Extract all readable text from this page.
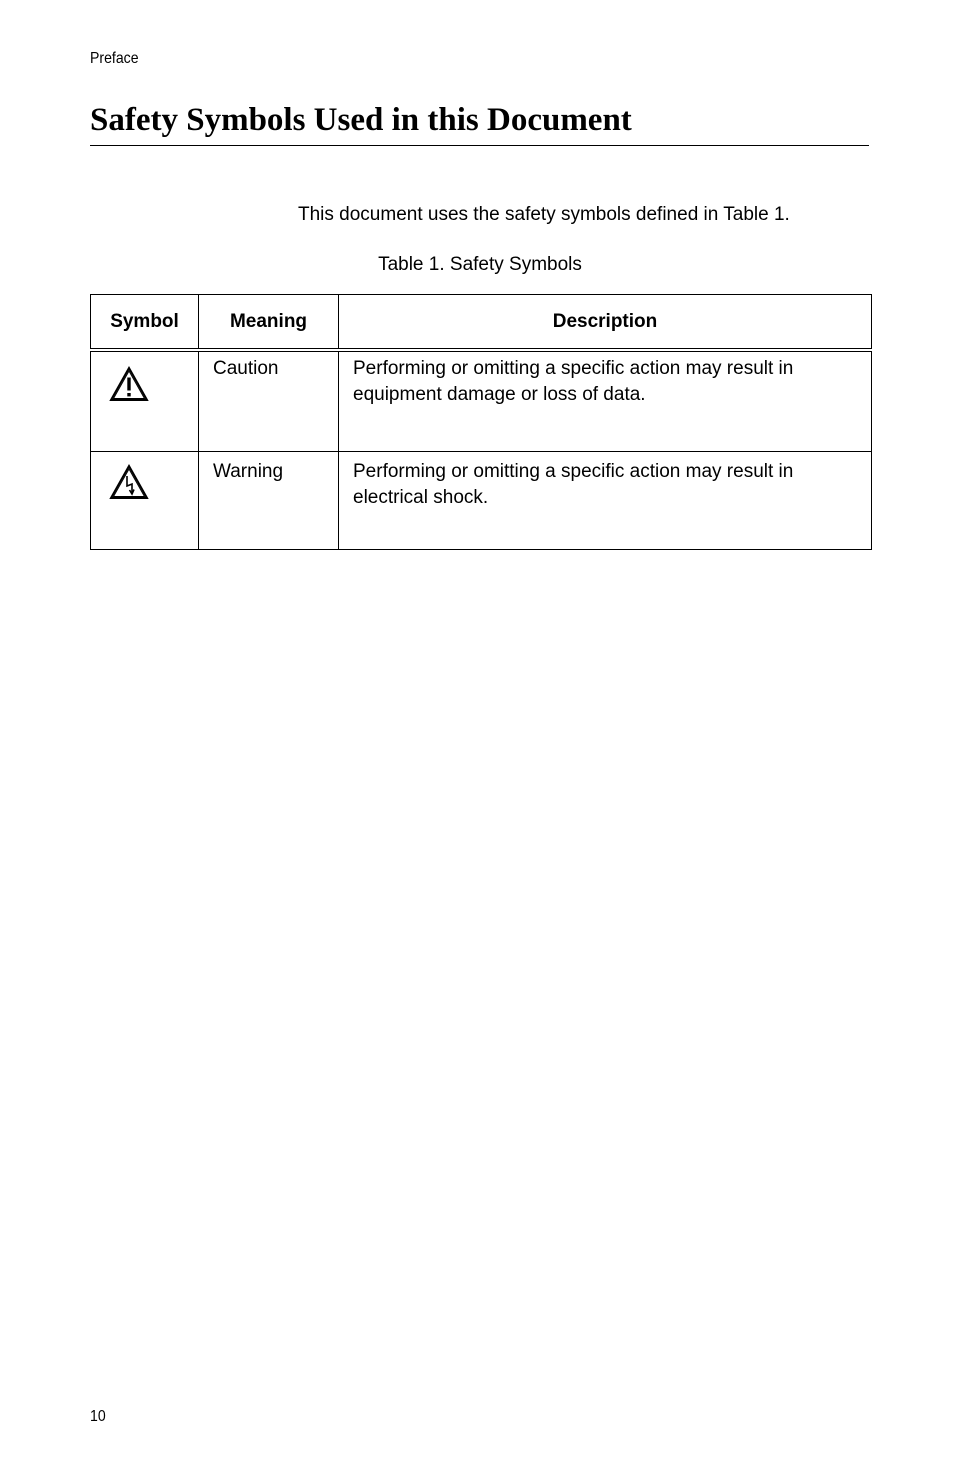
Preface
Safety Symbols Used in this Document
This document uses the safety symbols defined in Table 1.
Table 1. Safety Symbols
Symbol	Meaning	Description

	Caution	Performing or omitting a specific action may result in equipment damage or loss of data.

	Warning	Performing or omitting a specific action may result in electrical shock.
10
